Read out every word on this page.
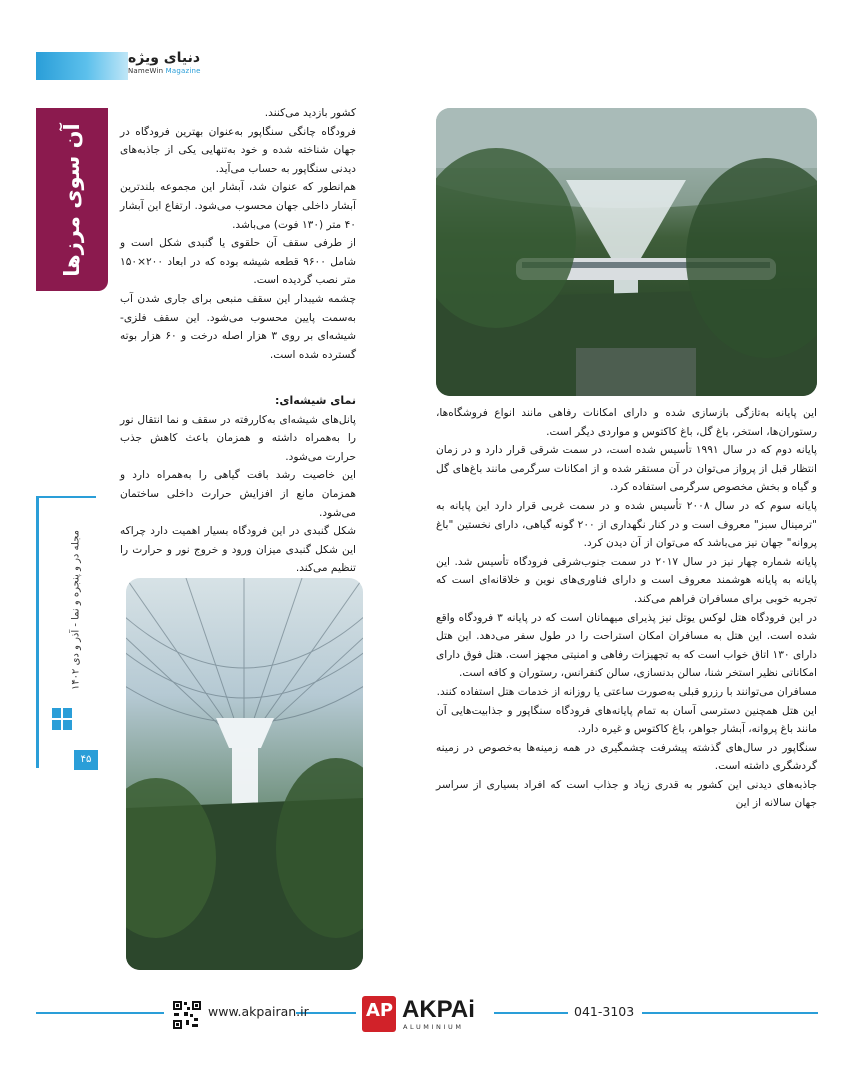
دنیای ویژه
NameWin Magazine
آن سوی مرزها
مجله در و پنجره و نما - آذر و دی ۱۴۰۲
۴۵

کشور بازدید می‌کنند.

فرودگاه چانگی سنگاپور به‌عنوان بهترین فرودگاه در جهان شناخته شده و خود به‌تنهایی یکی از جاذبه‌های دیدنی سنگاپور به حساب می‌آید.

هم‌انطور که عنوان شد، آبشار این مجموعه بلندترین آبشار داخلی جهان محسوب می‌شود. ارتفاع این آبشار ۴۰ متر (۱۳۰ فوت) می‌باشد.

از طرفی سقف آن حلقوی یا گنبدی شکل است و شامل ۹۶۰۰ قطعه شیشه بوده که در ابعاد ۲۰۰×۱۵۰ متر نصب گردیده است.

چشمه شیبدار این سقف منبعی برای جاری شدن آب به‌سمت پایین محسوب می‌شود. این سقف فلزی-شیشه‌ای بر روی ۳ هزار اصله درخت و ۶۰ هزار بوته گسترده شده است.

نمای شیشه‌ای:

پانل‌های شیشه‌ای به‌کاررفته در سقف و نما انتقال نور را به‌همراه داشته و همزمان باعث کاهش جذب حرارت می‌شود.

این خاصیت رشد بافت گیاهی را به‌همراه دارد و همزمان مانع از افزایش حرارت داخلی ساختمان می‌شود.

شکل گنبدی در این فرودگاه بسیار اهمیت دارد چراکه این شکل گنبدی میزان ورود و خروج نور و حرارت را تنظیم می‌کند.

این پایانه به‌تازگی بازسازی شده و دارای امکانات رفاهی مانند انواع فروشگاه‌ها، رستوران‌ها، استخر، باغ گل، باغ کاکتوس و مواردی دیگر است.

پایانه دوم که در سال ۱۹۹۱ تأسیس شده است، در سمت شرقی قرار دارد و در زمان انتظار قبل از پرواز می‌توان در آن مستقر شده و از امکانات سرگرمی مانند باغ‌های گل و گیاه و بخش مخصوص سرگرمی استفاده کرد.

پایانه سوم که در سال ۲۰۰۸ تأسیس شده و در سمت غربی قرار دارد این پایانه به "ترمینال سبز" معروف است و در کنار نگهداری از ۲۰۰ گونه گیاهی، دارای نخستین "باغ پروانه" جهان نیز می‌باشد که می‌توان از آن دیدن کرد.

پایانه شماره چهار نیز در سال ۲۰۱۷ در سمت جنوب‌شرقی فرودگاه تأسیس شد. این پایانه به پایانه هوشمند معروف است و دارای فناوری‌های نوین و خلاقانه‌ای است که تجربه خوبی برای مسافران فراهم می‌کند.

در این فرودگاه هتل لوکس یوتل نیز پذیرای میهمانان است که در پایانه ۳ فرودگاه واقع شده است. این هتل به مسافران امکان استراحت را در طول سفر می‌دهد. این هتل دارای ۱۳۰ اتاق خواب است که به تجهیزات رفاهی و امنیتی مجهز است. هتل فوق دارای امکاناتی نظیر استخر شنا، سالن بدنسازی، سالن کنفرانس، رستوران و کافه است.

مسافران می‌توانند با رزرو قبلی به‌صورت ساعتی یا روزانه از خدمات هتل استفاده کنند.

این هتل همچنین دسترسی آسان به تمام پایانه‌های فرودگاه سنگاپور و جذابیت‌هایی آن مانند باغ پروانه، آبشار جواهر، باغ کاکتوس و غیره دارد.

سنگاپور در سال‌های گذشته پیشرفت چشمگیری در همه زمینه‌ها به‌خصوص در زمینه گردشگری داشته است.

جاذبه‌های دیدنی این کشور به قدری زیاد و جذاب است که افراد بسیاری از سراسر جهان سالانه از این

www.akpairan.ir	AP AKPAi
ALUMINIUM
041-3103
